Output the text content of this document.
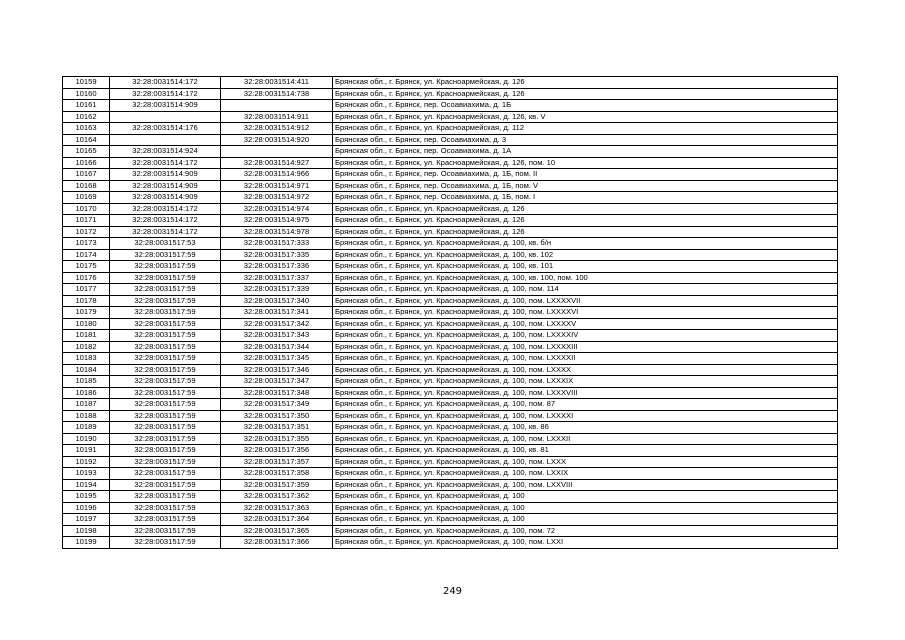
10159	32:28:0031514:172	32:28:0031514:411	Брянская обл., г. Брянск, ул. Красноармейская, д. 126
10160	32:28:0031514:172	32:28:0031514:738	Брянская обл., г. Брянск, ул. Красноармейская, д. 126
10161	32:28:0031514:909		Брянская обл., г. Брянск, пер. Осоавиахима, д. 1Б
10162		32:28:0031514:911	Брянская обл., г. Брянск, ул. Красноармейская, д. 126, кв. V
10163	32:28:0031514:176	32:28:0031514:912	Брянская обл., г. Брянск, ул. Красноармейская, д. 112
10164		32:28:0031514:920	Брянская обл., г. Брянск, пер. Осоавиахима, д. 3
10165	32:28:0031514:924		Брянская обл., г. Брянск, пер. Осоавиахима, д. 1А
10166	32:28:0031514:172	32:28:0031514:927	Брянская обл., г. Брянск, ул. Красноармейская, д. 126, пом. 10
10167	32:28:0031514:909	32:28:0031514:966	Брянская обл., г. Брянск, пер. Осоавиахима, д. 1Б, пом. II
10168	32:28:0031514:909	32:28:0031514:971	Брянская обл., г. Брянск, пер. Осоавиахима, д. 1Б, пом. V
10169	32:28:0031514:909	32:28:0031514:972	Брянская обл., г. Брянск, пер. Осоавиахима, д. 1Б, пом. I
10170	32:28:0031514:172	32:28:0031514:974	Брянская обл., г. Брянск, ул. Красноармейская, д. 126
10171	32:28:0031514:172	32:28:0031514:975	Брянская обл., г. Брянск, ул. Красноармейская, д. 126
10172	32:28:0031514:172	32:28:0031514:978	Брянская обл., г. Брянск, ул. Красноармейская, д. 126
10173	32:28:0031517:53	32:28:0031517:333	Брянская обл., г. Брянск, ул. Красноармейская, д. 100, кв. б/н
10174	32:28:0031517:59	32:28:0031517:335	Брянская обл., г. Брянск, ул. Красноармейская, д. 100, кв. 102
10175	32:28:0031517:59	32:28:0031517:336	Брянская обл., г. Брянск, ул. Красноармейская, д. 100, кв. 101
10176	32:28:0031517:59	32:28:0031517:337	Брянская обл., г. Брянск, ул. Красноармейская, д. 100, кв. 100, пом. 100
10177	32:28:0031517:59	32:28:0031517:339	Брянская обл., г. Брянск, ул. Красноармейская, д. 100, пом. 114
10178	32:28:0031517:59	32:28:0031517:340	Брянская обл., г. Брянск, ул. Красноармейская, д. 100, пом. LXXXXVII
10179	32:28:0031517:59	32:28:0031517:341	Брянская обл., г. Брянск, ул. Красноармейская, д. 100, пом. LXXXXVI
10180	32:28:0031517:59	32:28:0031517:342	Брянская обл., г. Брянск, ул. Красноармейская, д. 100, пом. LXXXXV
10181	32:28:0031517:59	32:28:0031517:343	Брянская обл., г. Брянск, ул. Красноармейская, д. 100, пом. LXXXXIV
10182	32:28:0031517:59	32:28:0031517:344	Брянская обл., г. Брянск, ул. Красноармейская, д. 100, пом. LXXXXIII
10183	32:28:0031517:59	32:28:0031517:345	Брянская обл., г. Брянск, ул. Красноармейская, д. 100, пом. LXXXXII
10184	32:28:0031517:59	32:28:0031517:346	Брянская обл., г. Брянск, ул. Красноармейская, д. 100, пом. LXXXX
10185	32:28:0031517:59	32:28:0031517:347	Брянская обл., г. Брянск, ул. Красноармейская, д. 100, пом. LXXXIX
10186	32:28:0031517:59	32:28:0031517:348	Брянская обл., г. Брянск, ул. Красноармейская, д. 100, пом. LXXXVIII
10187	32:28:0031517:59	32:28:0031517:349	Брянская обл., г. Брянск, ул. Красноармейская, д. 100, пом. 87
10188	32:28:0031517:59	32:28:0031517:350	Брянская обл., г. Брянск, ул. Красноармейская, д. 100, пом. LXXXXI
10189	32:28:0031517:59	32:28:0031517:351	Брянская обл., г. Брянск, ул. Красноармейская, д. 100, кв. 86
10190	32:28:0031517:59	32:28:0031517:355	Брянская обл., г. Брянск, ул. Красноармейская, д. 100, пом. LXXXII
10191	32:28:0031517:59	32:28:0031517:356	Брянская обл., г. Брянск, ул. Красноармейская, д. 100, кв. 81
10192	32:28:0031517:59	32:28:0031517:357	Брянская обл., г. Брянск, ул. Красноармейская, д. 100, пом. LXXX
10193	32:28:0031517:59	32:28:0031517:358	Брянская обл., г. Брянск, ул. Красноармейская, д. 100, пом. LXXIX
10194	32:28:0031517:59	32:28:0031517:359	Брянская обл., г. Брянск, ул. Красноармейская, д. 100, пом. LXXVIII
10195	32:28:0031517:59	32:28:0031517:362	Брянская обл., г. Брянск, ул. Красноармейская, д. 100
10196	32:28:0031517:59	32:28:0031517:363	Брянская обл., г. Брянск, ул. Красноармейская, д. 100
10197	32:28:0031517:59	32:28:0031517:364	Брянская обл., г. Брянск, ул. Красноармейская, д. 100
10198	32:28:0031517:59	32:28:0031517:365	Брянская обл., г. Брянск, ул. Красноармейская, д. 100, пом. 72
10199	32:28:0031517:59	32:28:0031517:366	Брянская обл., г. Брянск, ул. Красноармейская, д. 100, пом. LXXI
249
